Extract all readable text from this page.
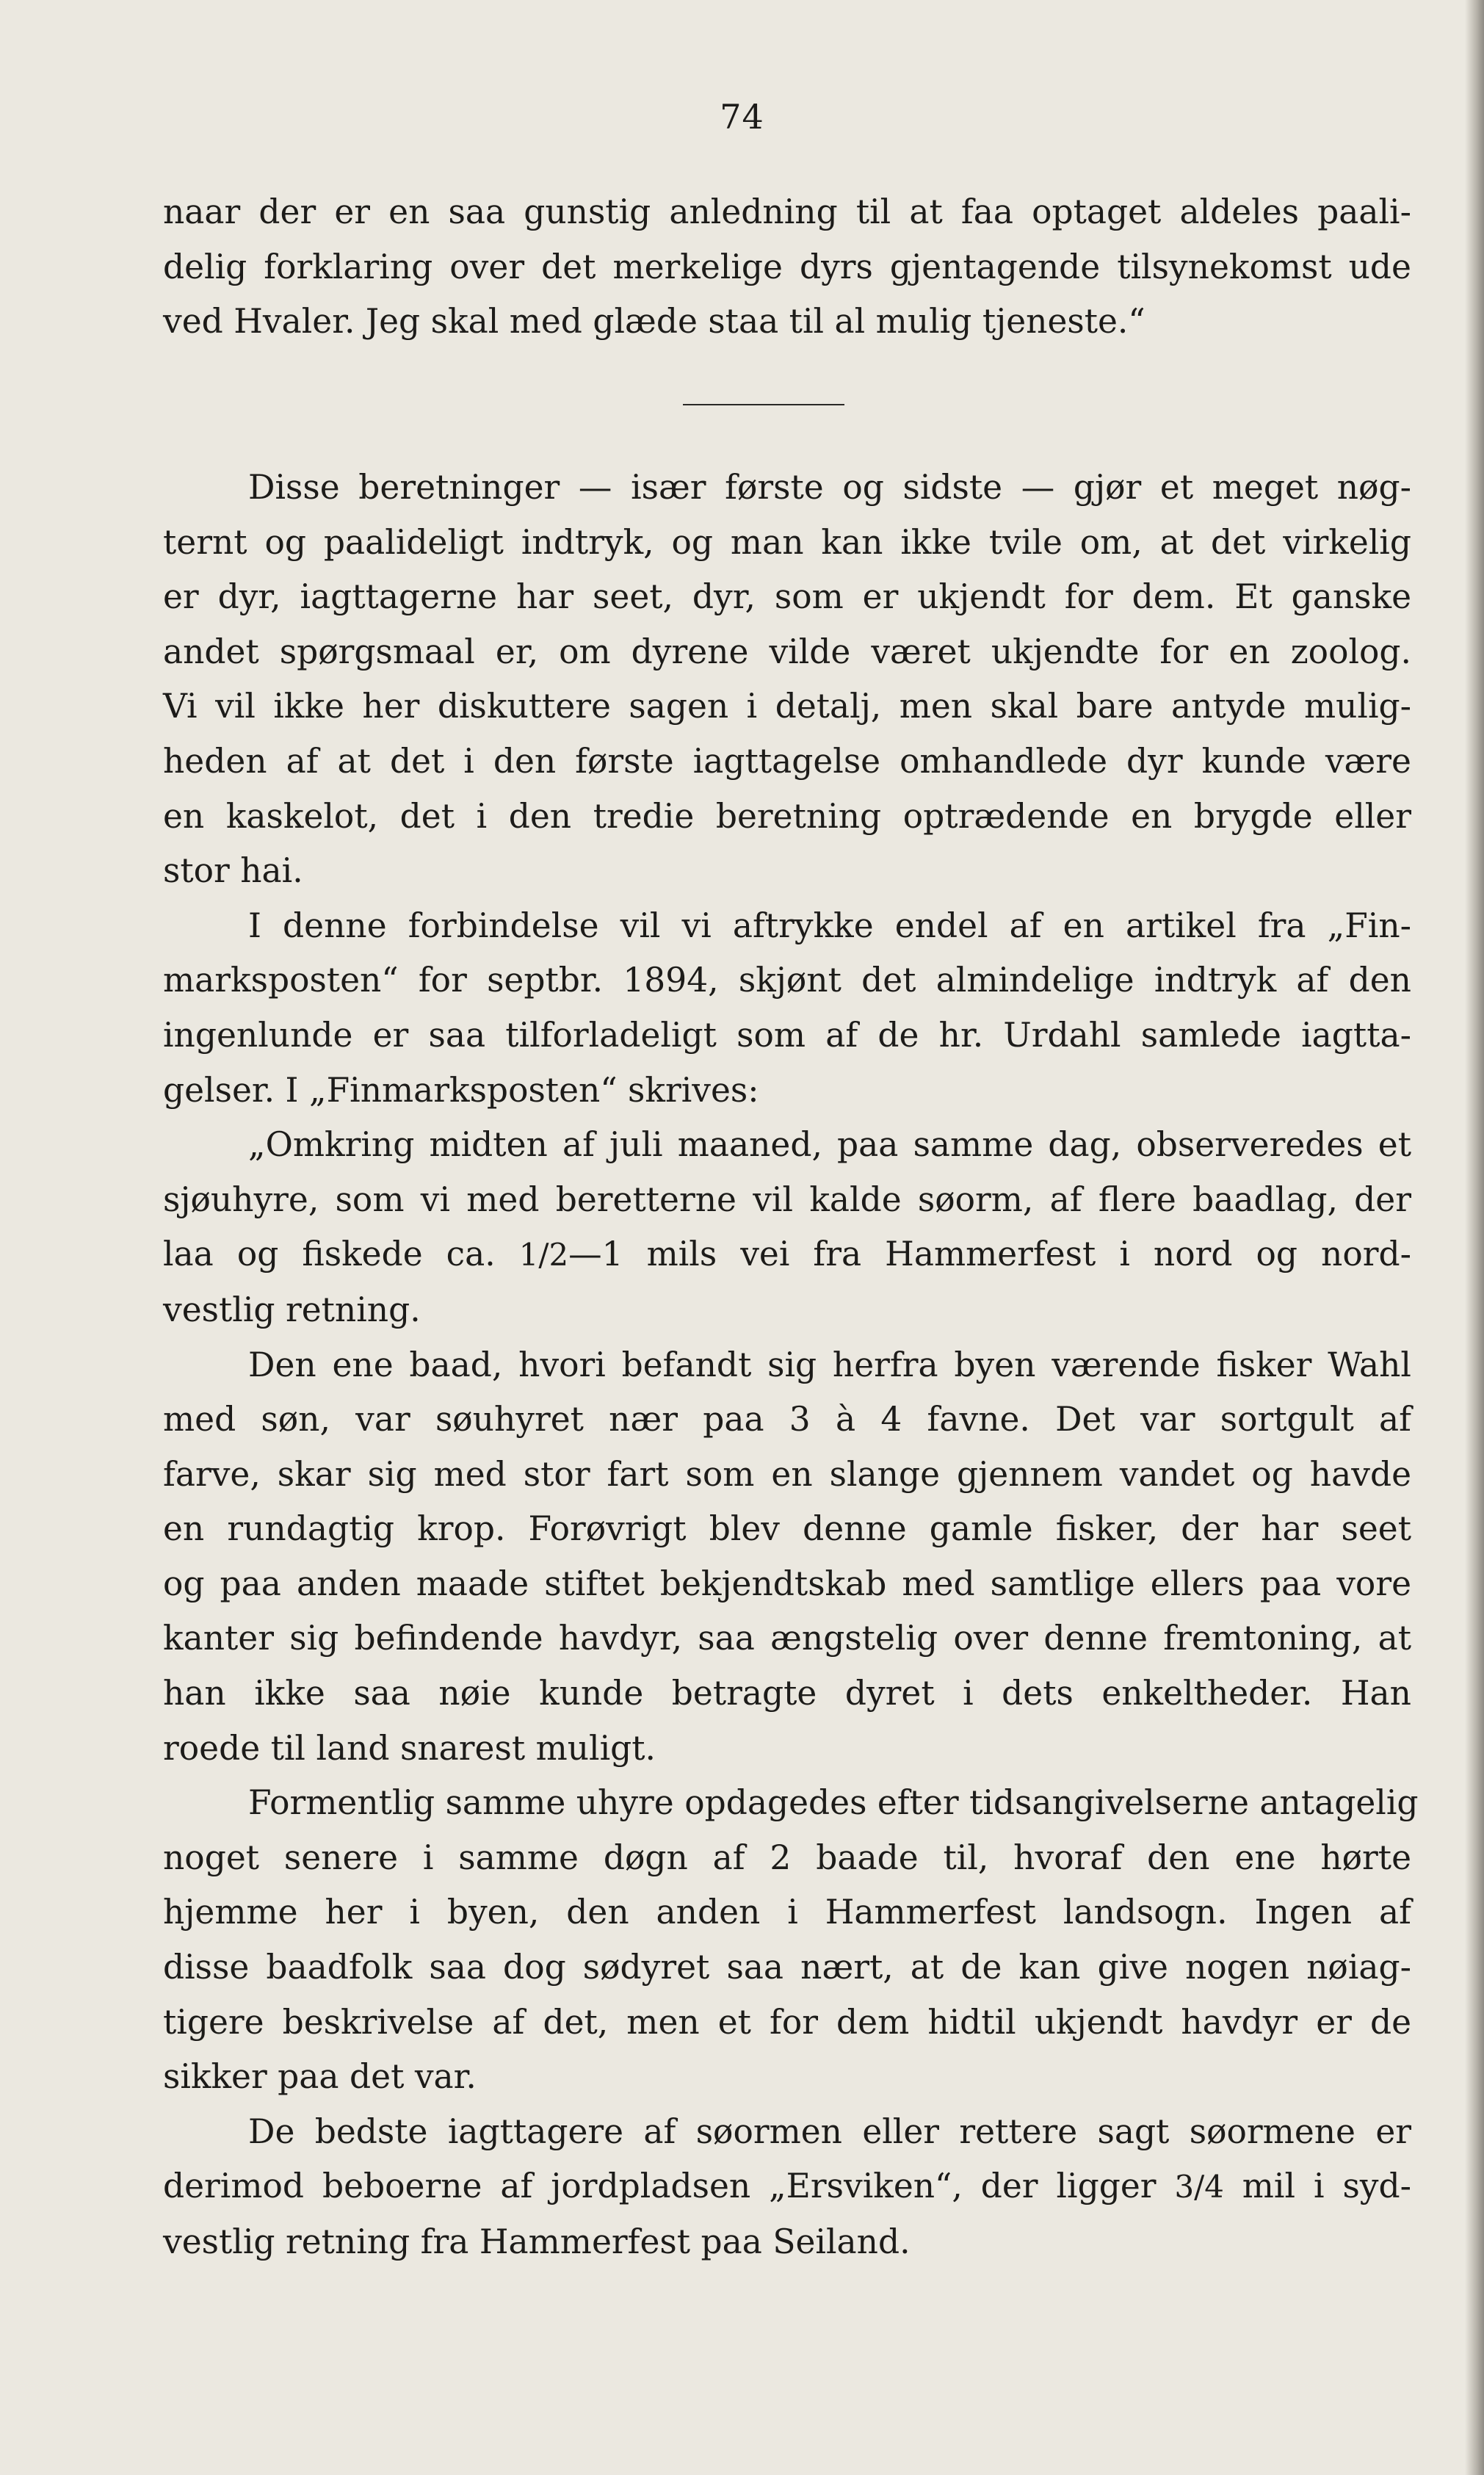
74
naar der er en saa gunstig anledning til at faa optaget aldeles paali-
delig forklaring over det merkelige dyrs gjentagende tilsynekomst ude
ved Hvaler. Jeg skal med glæde staa til al mulig tjeneste.“
Disse beretninger — især første og sidste — gjør et meget nøg-
ternt og paalideligt indtryk, og man kan ikke tvile om, at det virkelig
er dyr, iagttagerne har seet, dyr, som er ukjendt for dem. Et ganske
andet spørgsmaal er, om dyrene vilde været ukjendte for en zoolog.
Vi vil ikke her diskuttere sagen i detalj, men skal bare antyde mulig-
heden af at det i den første iagttagelse omhandlede dyr kunde være
en kaskelot, det i den tredie beretning optrædende en brygde eller
stor hai.
I denne forbindelse vil vi aftrykke endel af en artikel fra „Fin-
marksposten“ for septbr. 1894, skjønt det almindelige indtryk af den
ingenlunde er saa tilforladeligt som af de hr. Urdahl samlede iagtta-
gelser. I „Finmarksposten“ skrives:
„Omkring midten af juli maaned, paa samme dag, observeredes et
sjøuhyre, som vi med beretterne vil kalde søorm, af flere baadlag, der
laa og fiskede ca. 1/2—1 mils vei fra Hammerfest i nord og nord-
vestlig retning.
Den ene baad, hvori befandt sig herfra byen værende fisker Wahl
med søn, var søuhyret nær paa 3 à 4 favne. Det var sortgult af
farve, skar sig med stor fart som en slange gjennem vandet og havde
en rundagtig krop. Forøvrigt blev denne gamle fisker, der har seet
og paa anden maade stiftet bekjendtskab med samtlige ellers paa vore
kanter sig befindende havdyr, saa ængstelig over denne fremtoning, at
han ikke saa nøie kunde betragte dyret i dets enkeltheder. Han
roede til land snarest muligt.
Formentlig samme uhyre opdagedes efter tidsangivelserne antagelig
noget senere i samme døgn af 2 baade til, hvoraf den ene hørte
hjemme her i byen, den anden i Hammerfest landsogn. Ingen af
disse baadfolk saa dog sødyret saa nært, at de kan give nogen nøiag-
tigere beskrivelse af det, men et for dem hidtil ukjendt havdyr er de
sikker paa det var.
De bedste iagttagere af søormen eller rettere sagt søormene er
derimod beboerne af jordpladsen „Ersviken“, der ligger 3/4 mil i syd-
vestlig retning fra Hammerfest paa Seiland.
